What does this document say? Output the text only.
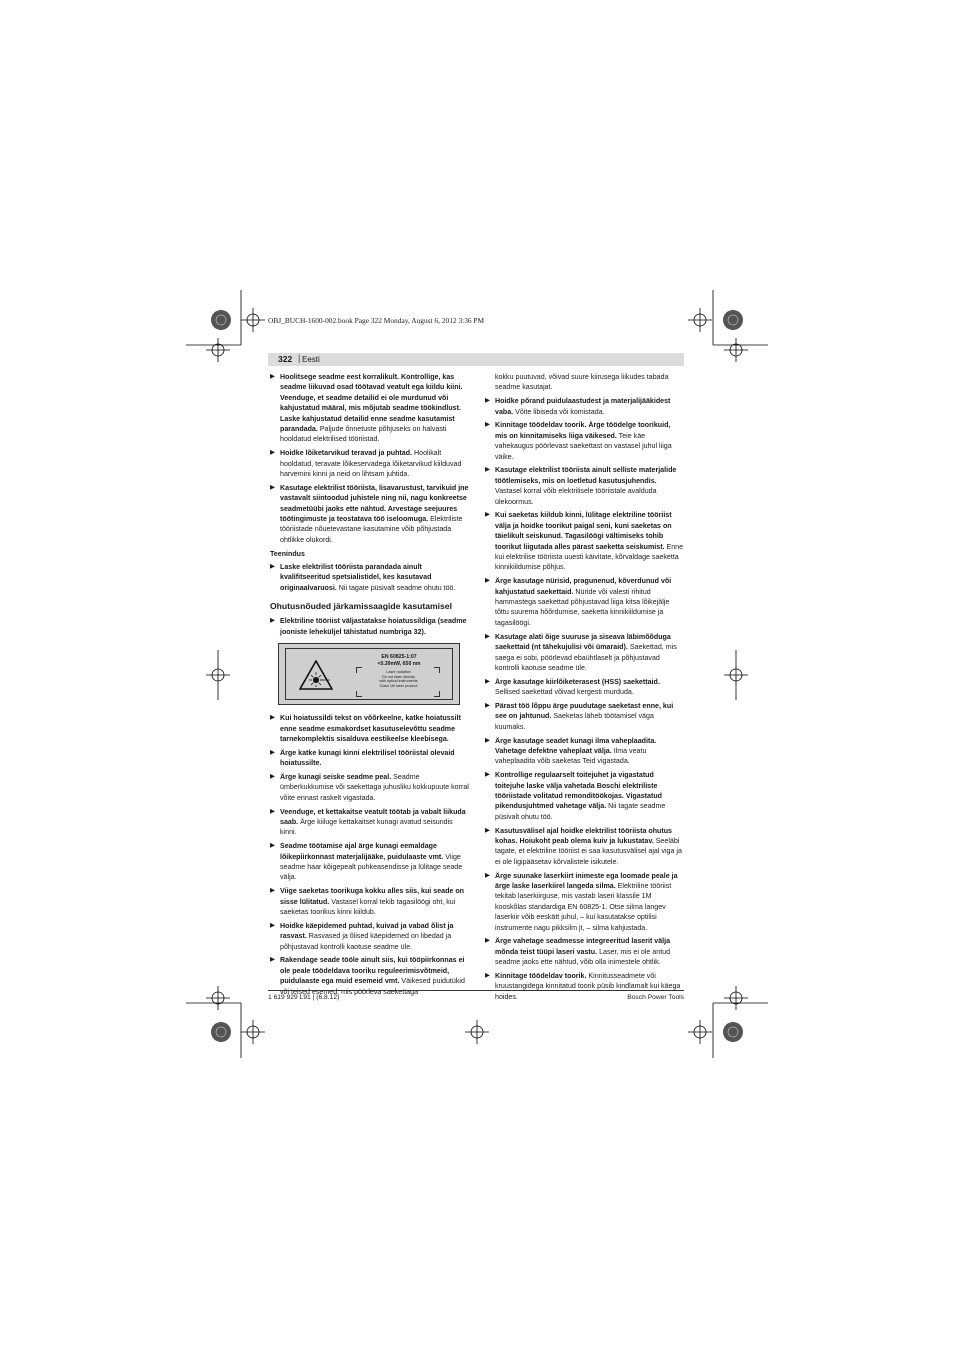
OBJ_BUCH-1600-002.book Page 322 Monday, August 6, 2012 3:36 PM
322 | Eesti
▶ Hoolitsege seadme eest korralikult. Kontrollige, kas seadme liikuvad osad töötavad veatult ega kiildu kiini. Veenduge, et seadme detailid ei ole murdunud või kahjustatud määral, mis mõjutab seadme töökindlust. Laske kahjustatud detailid enne seadme kasutamist parandada. Paljude õnnetuste põhjuseks on halvasti hooldatud elektrilised tööriistad.
▶ Hoidke lõiketarvikud teravad ja puhtad. Hoolikalt hooldatud, teravate lõikeservadega lõiketarvikud kiilduvad harvemini kinni ja neid on lihtsam juhtida.
▶ Kasutage elektrilist tööriista, lisavarustust, tarvikuid jne vastavalt siintoodud juhistele ning nii, nagu konkreetse seadmetüübi jaoks ette nähtud. Arvestage seejuures töötingimuste ja teostatava töö iseloomuga. Elektriliste tööriistade nõuetevastane kasutamine võib põhjustada ohtlikke olukordi.
Teenindus
▶ Laske elektrilist tööriista parandada ainult kvalifitseeritud spetsialistidel, kes kasutavad originaalvaruosi. Nii tagate püsivalt seadme ohutu töö.
Ohutusnõuded järkamissaagide kasutamisel
▶ Elektriline tööriist väljastatakse hoiatussildiga (seadme jooniste leheküljel tähistatud numbriga 32).
EN 60825-1:07
<0.39mW, 650 nm
Laser radiation
Do not stare directly
with optical instruments
Class 1M laser product
▶ Kui hoiatussildi tekst on võõrkeelne, katke hoiatussilt enne seadme esmakordset kasutuselevõttu seadme tarnekomplektis sisalduva eestikeelse kleebisega.
▶ Ärge katke kunagi kinni elektrilisel tööriistal olevaid hoiatussilte.
▶ Ärge kunagi seiske seadme peal. Seadme ümberkukkumise või saekettaga juhusliku kokkupuute korral võite ennast raskelt vigastada.
▶ Veenduge, et kettakaitse veatult töötab ja vabalt liikuda saab. Ärge kiiluge kettakaitset kunagi avatud seisundis kinni.
▶ Seadme töötamise ajal ärge kunagi eemaldage lõikepiirkonnast materjalijääke, puidulaaste vmt. Viige seadme haar kõigepealt puhkeasendisse ja lülitage seade välja.
▶ Viige saeketas toorikuga kokku alles siis, kui seade on sisse lülitatud. Vastasel korral tekib tagasilöögi oht, kui saeketas toorikus kinni kiildub.
▶ Hoidke käepidemed puhtad, kuivad ja vabad õlist ja rasvast. Rasvased ja õlised käepidemed on libedad ja põhjustavad kontrolli kaotuse seadme üle.
▶ Rakendage seade tööle ainult siis, kui tööpiirkonnas ei ole peale töödeldava tooriku reguleerimisvõtmeid, puidulaaste ega muid esemeid vmt. Väikesed puidutükid või teised esemed, mis pöörleva saekettaga

kokku puutuvad, võivad suure kiirusega liikudes tabada seadme kasutajat.

▶ Hoidke põrand puidulaastudest ja materjalijääkidest vaba. Võite libiseda või komistada.
▶ Kinnitage töödeldav toorik. Ärge töödelge toorikuid, mis on kinnitamiseks liiga väikesed. Teie käe vahekaugus pöörlevast saekettast on vastasel juhul liiga väike.
▶ Kasutage elektrilist tööriista ainult selliste materjalide töötlemiseks, mis on loetletud kasutusjuhendis. Vastasel korral võib elektrilisele tööriistale avalduda ülekoormus.
▶ Kui saeketas kiildub kinni, lülitage elektriline tööriist välja ja hoidke toorikut paigal seni, kuni saeketas on täielikult seiskunud. Tagasilöögi vältimiseks tohib toorikut liigutada alles pärast saeketta seiskumist. Enne kui elektrilise tööriista uuesti käivitate, kõrvaldage saeketta kinnikiildumise põhjus.
▶ Ärge kasutage nürisid, pragunenud, kõverdunud või kahjustatud saekettaid. Nüride või valesti rihitud hammastega saekettad põhjustavad liiga kitsa lõikejälje tõttu suurema hõõrdumise, saeketta kinnikiildumise ja tagasilöögi.
▶ Kasutage alati õige suuruse ja siseava läbimõõduga saekettaid (nt tähekujulisi või ümaraid). Saekettad, mis saega ei sobi, pöörlevad ebaühtlaselt ja põhjustavad kontrolli kaotuse seadme üle.
▶ Ärge kasutage kiirlõiketerasest (HSS) saekettaid. Sellised saekettad võivad kergesti murduda.
▶ Pärast töö lõppu ärge puudutage saeketast enne, kui see on jahtunud. Saeketas läheb töötamisel väga kuumaks.
▶ Ärge kasutage seadet kunagi ilma vaheplaadita. Vahetage defektne vaheplaat välja. Ilma veatu vaheplaadita võib saeketas Teid vigastada.
▶ Kontrollige regulaarselt toitejuhet ja vigastatud toitejuhe laske välja vahetada Boschi elektriliste tööriistade volitatud remonditöökojas. Vigastatud pikendusjuhtmed vahetage välja. Nii tagate seadme püsivalt ohutu töö.
▶ Kasutusvälisel ajal hoidke elektrilist tööriista ohutus kohas. Hoiukoht peab olema kuiv ja lukustatav. Seeläbi tagate, et elektriline tööriist ei saa kasutusvälisel ajal viga ja ei ole ligipääsetav kõrvalistele isikutele.
▶ Ärge suunake laserkiirt inimeste ega loomade peale ja ärge laske laserkiirel langeda silma. Elektriline tööriist tekitab laserkiirguse, mis vastab laseri klassile 1M kooskõlas standardiga EN 60825-1. Otse silma langev laserkiir võib eeskätt juhul, – kui kasutatakse optilisi instrumente nagu pikksilm jt, – silma kahjustada.
▶ Ärge vahetage seadmesse integreeritud laserit välja mõnda teist tüüpi laseri vastu. Laser, mis ei ole antud seadme jaoks ette nähtud, võib olla inimestele ohtlik.
▶ Kinnitage töödeldav toorik. Kinnitusseadmete või kruustangidega kinnitatud toorik püsib kindlamalt kui käega hoides.
1 619 929 L91 | (6.8.12)	Bosch Power Tools
